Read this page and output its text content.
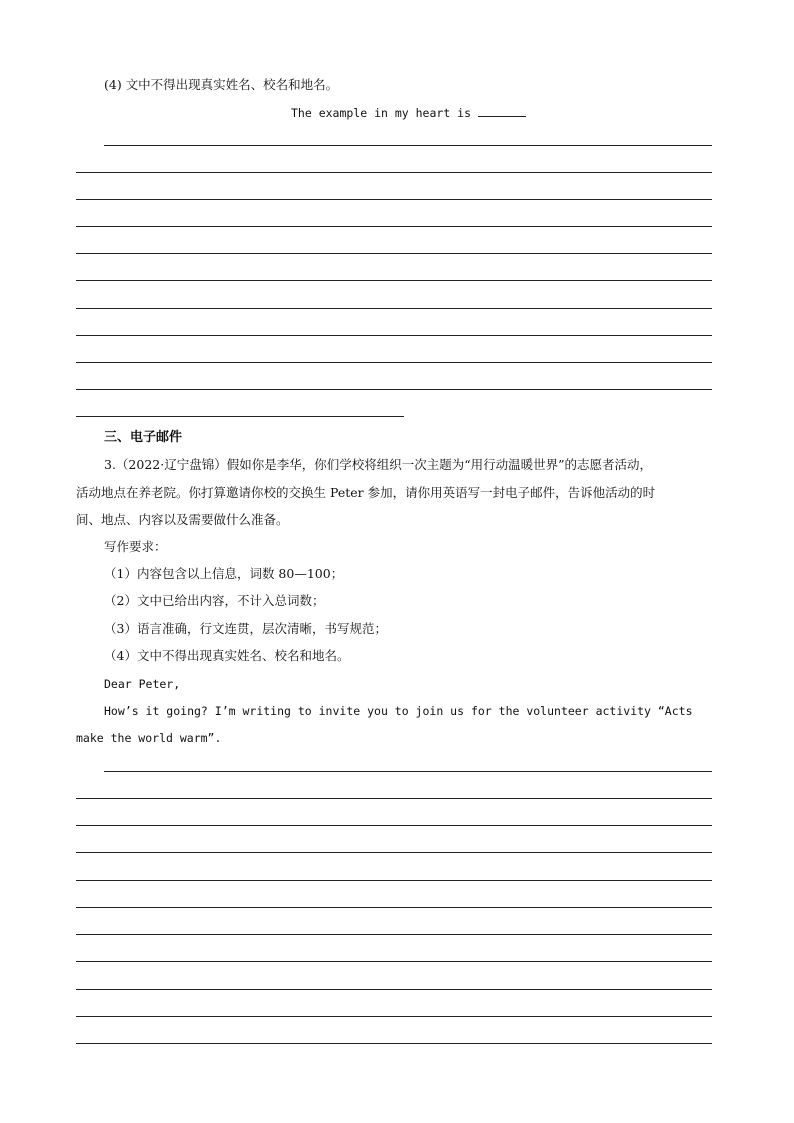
(4) 文中不得出现真实姓名、校名和地名。
The example in my heart is
三、电子邮件
3.（2022·辽宁盘锦）假如你是李华，你们学校将组织一次主题为“用行动温暖世界”的志愿者活动，
活动地点在养老院。你打算邀请你校的交换生 Peter 参加，请你用英语写一封电子邮件，告诉他活动的时
间、地点、内容以及需要做什么准备。
写作要求：
（1）内容包含以上信息，词数 80—100；
（2）文中已给出内容，不计入总词数；
（3）语言准确，行文连贯，层次清晰，书写规范；
（4）文中不得出现真实姓名、校名和地名。
Dear Peter,
How’s it going? I’m writing to invite you to join us for the volunteer activity “Acts
make the world warm”.
